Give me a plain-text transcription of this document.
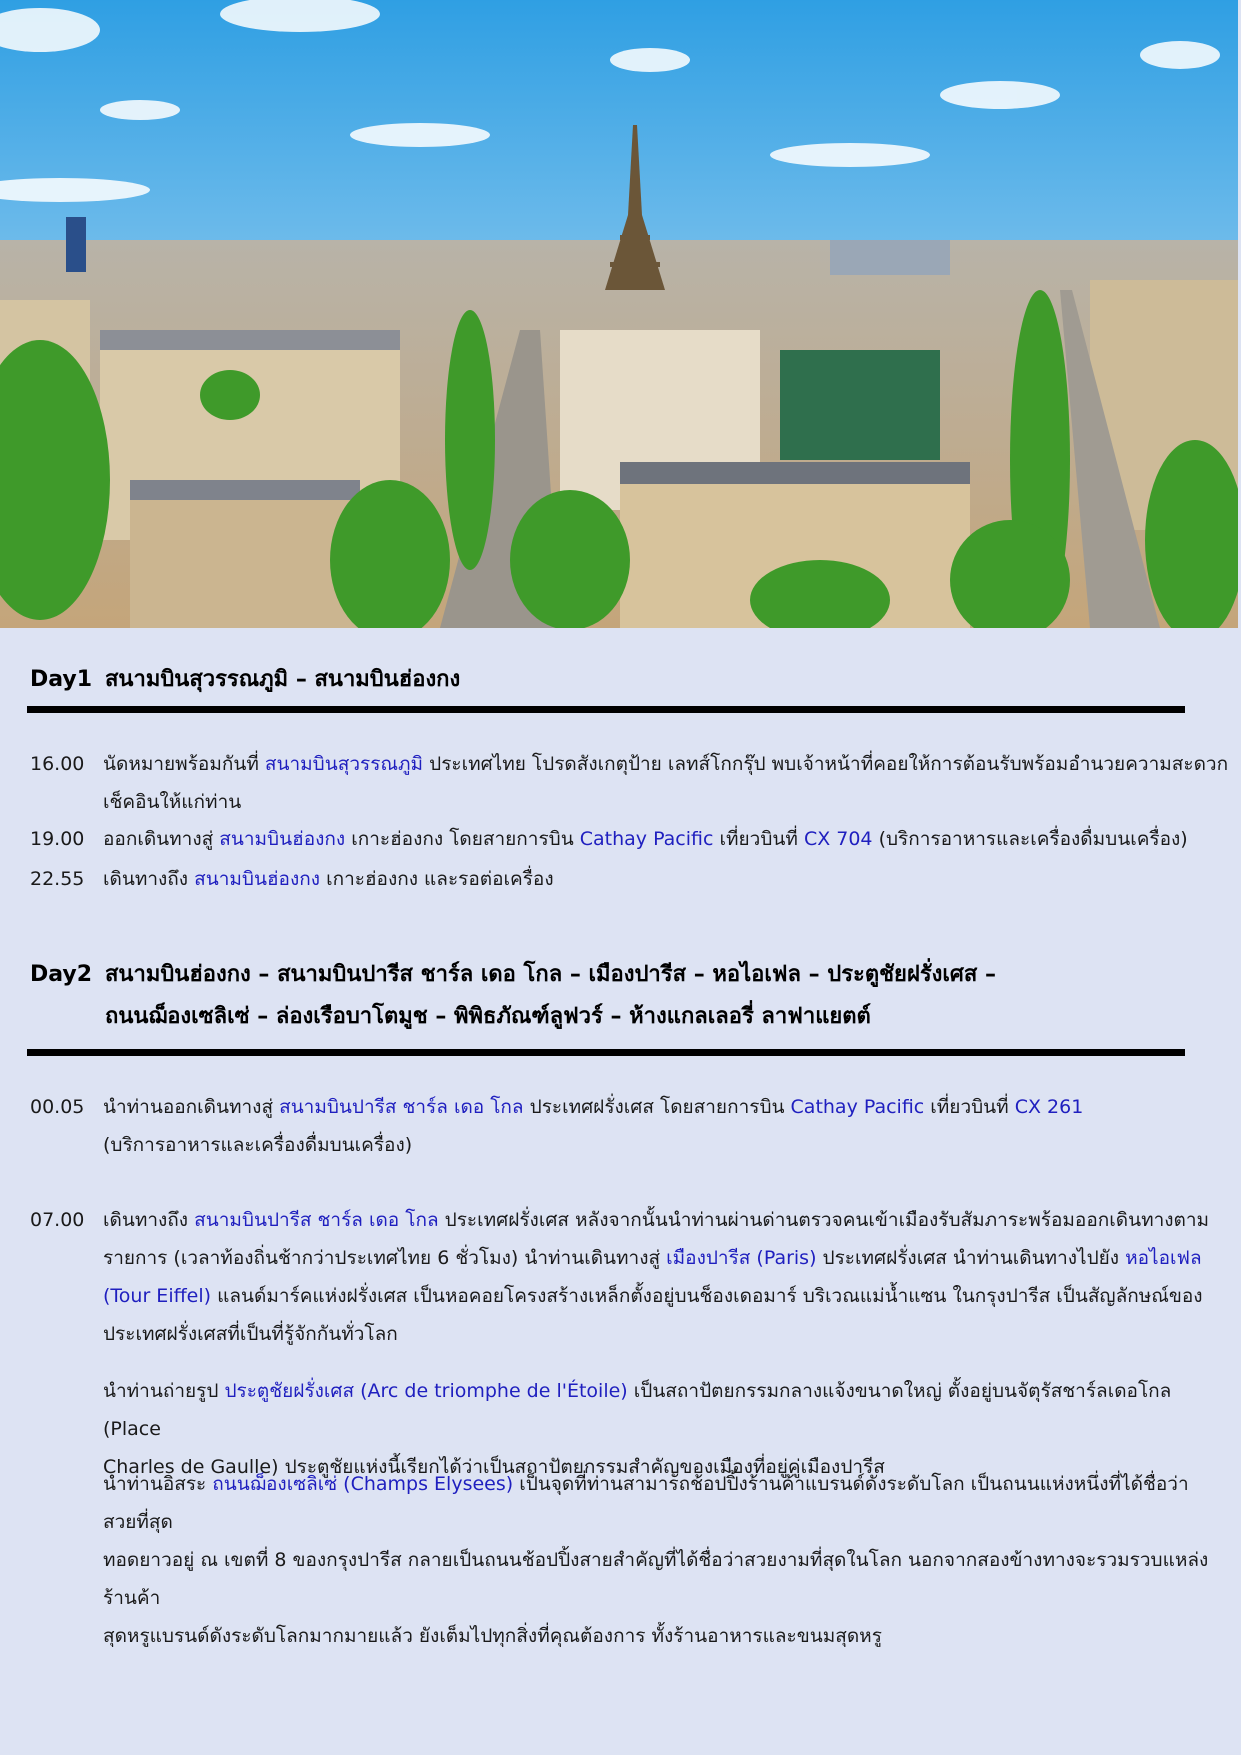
Day1 สนามบินสุวรรณภูมิ – สนามบินฮ่องกง
16.00 นัดหมายพร้อมกันที่ สนามบินสุวรรณภูมิ ประเทศไทย โปรดสังเกตุป้าย เลทส์โกกรุ๊ป พบเจ้าหน้าที่คอยให้การต้อนรับพร้อมอำนวยความสะดวก
เช็คอินให้แก่ท่าน
19.00 ออกเดินทางสู่ สนามบินฮ่องกง เกาะฮ่องกง โดยสายการบิน Cathay Pacific เที่ยวบินที่ CX 704 (บริการอาหารและเครื่องดื่มบนเครื่อง)
22.55 เดินทางถึง สนามบินฮ่องกง เกาะฮ่องกง และรอต่อเครื่อง
Day2 สนามบินฮ่องกง – สนามบินปารีส ชาร์ล เดอ โกล – เมืองปารีส – หอไอเฟล – ประตูชัยฝรั่งเศส –
ถนนฌ็องเซลิเซ่ – ล่องเรือบาโตมูช – พิพิธภัณฑ์ลูฟวร์ – ห้างแกลเลอรี่ ลาฟาแยตต์
00.05 นำท่านออกเดินทางสู่ สนามบินปารีส ชาร์ล เดอ โกล ประเทศฝรั่งเศส โดยสายการบิน Cathay Pacific เที่ยวบินที่ CX 261
(บริการอาหารและเครื่องดื่มบนเครื่อง)
07.00 เดินทางถึง สนามบินปารีส ชาร์ล เดอ โกล ประเทศฝรั่งเศส หลังจากนั้นนำท่านผ่านด่านตรวจคนเข้าเมืองรับสัมภาระพร้อมออกเดินทางตาม
รายการ (เวลาท้องถิ่นช้ากว่าประเทศไทย 6 ชั่วโมง) นำท่านเดินทางสู่ เมืองปารีส (Paris) ประเทศฝรั่งเศส นำท่านเดินทางไปยัง หอไอเฟล
(Tour Eiffel) แลนด์มาร์คแห่งฝรั่งเศส เป็นหอคอยโครงสร้างเหล็กตั้งอยู่บนช็องเดอมาร์ บริเวณแม่น้ำแซน ในกรุงปารีส เป็นสัญลักษณ์ของ
ประเทศฝรั่งเศสที่เป็นที่รู้จักกันทั่วโลก
นำท่านถ่ายรูป ประตูชัยฝรั่งเศส (Arc de triomphe de l'Étoile) เป็นสถาปัตยกรรมกลางแจ้งขนาดใหญ่ ตั้งอยู่บนจัตุรัสชาร์ลเดอโกล (Place
Charles de Gaulle) ประตูชัยแห่งนี้เรียกได้ว่าเป็นสถาปัตยกรรมสำคัญของเมืองที่อยู่คู่เมืองปารีส
นำท่านอิสระ ถนนฌ็องเซลิเซ่ (Champs Elysees) เป็นจุดที่ท่านสามารถช้อปปิ้งร้านค้าแบรนด์ดังระดับโลก เป็นถนนแห่งหนึ่งที่ได้ชื่อว่าสวยที่สุด
ทอดยาวอยู่ ณ เขตที่ 8 ของกรุงปารีส กลายเป็นถนนช้อปปิ้งสายสำคัญที่ได้ชื่อว่าสวยงามที่สุดในโลก นอกจากสองข้างทางจะรวมรวบแหล่งร้านค้า
สุดหรูแบรนด์ดังระดับโลกมากมายแล้ว ยังเต็มไปทุกสิ่งที่คุณต้องการ ทั้งร้านอาหารและขนมสุดหรู
